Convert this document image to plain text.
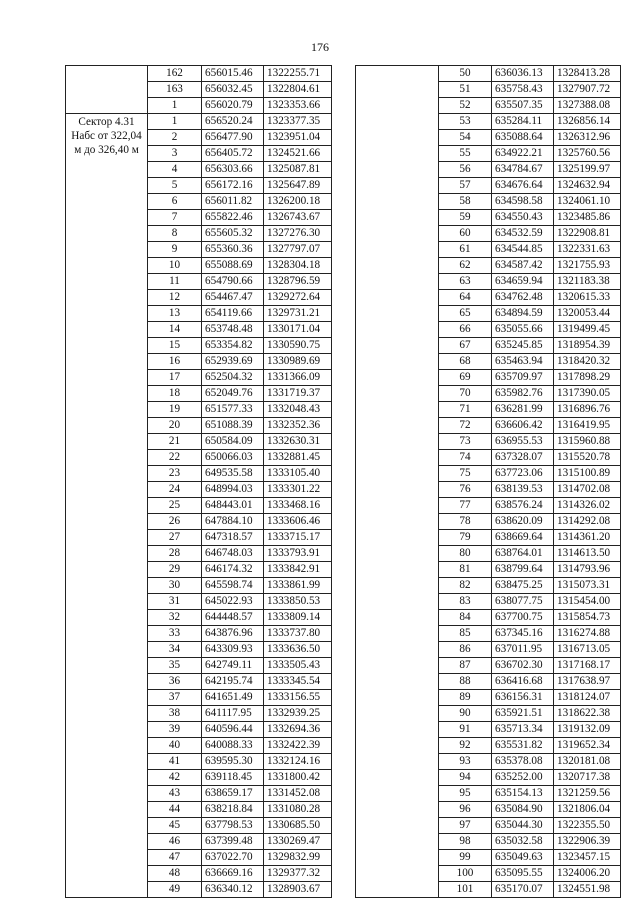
176
	162	656015.46	1322255.71
	163	656032.45	1322804.61
	1	656020.79	1323353.66
Сектор 4.31 Набс от 322,04 м до 326,40 м	1	656520.24	1323377.35
	2	656477.90	1323951.04
	3	656405.72	1324521.66
	4	656303.66	1325087.81
	5	656172.16	1325647.89
	6	656011.82	1326200.18
	7	655822.46	1326743.67
	8	655605.32	1327276.30
	9	655360.36	1327797.07
	10	655088.69	1328304.18
	11	654790.66	1328796.59
	12	654467.47	1329272.64
	13	654119.66	1329731.21
	14	653748.48	1330171.04
	15	653354.82	1330590.75
	16	652939.69	1330989.69
	17	652504.32	1331366.09
	18	652049.76	1331719.37
	19	651577.33	1332048.43
	20	651088.39	1332352.36
	21	650584.09	1332630.31
	22	650066.03	1332881.45
	23	649535.58	1333105.40
	24	648994.03	1333301.22
	25	648443.01	1333468.16
	26	647884.10	1333606.46
	27	647318.57	1333715.17
	28	646748.03	1333793.91
	29	646174.32	1333842.91
	30	645598.74	1333861.99
	31	645022.93	1333850.53
	32	644448.57	1333809.14
	33	643876.96	1333737.80
	34	643309.93	1333636.50
	35	642749.11	1333505.43
	36	642195.74	1333345.54
	37	641651.49	1333156.55
	38	641117.95	1332939.25
	39	640596.44	1332694.36
	40	640088.33	1332422.39
	41	639595.30	1332124.16
	42	639118.45	1331800.42
	43	638659.17	1331452.08
	44	638218.84	1331080.28
	45	637798.53	1330685.50
	46	637399.48	1330269.47
	47	637022.70	1329832.99
	48	636669.16	1329377.32
	49	636340.12	1328903.67
	50	636036.13	1328413.28
	51	635758.43	1327907.72
	52	635507.35	1327388.08
	53	635284.11	1326856.14
	54	635088.64	1326312.96
	55	634922.21	1325760.56
	56	634784.67	1325199.97
	57	634676.64	1324632.94
	58	634598.58	1324061.10
	59	634550.43	1323485.86
	60	634532.59	1322908.81
	61	634544.85	1322331.63
	62	634587.42	1321755.93
	63	634659.94	1321183.38
	64	634762.48	1320615.33
	65	634894.59	1320053.44
	66	635055.66	1319499.45
	67	635245.85	1318954.39
	68	635463.94	1318420.32
	69	635709.97	1317898.29
	70	635982.76	1317390.05
	71	636281.99	1316896.76
	72	636606.42	1316419.95
	73	636955.53	1315960.88
	74	637328.07	1315520.78
	75	637723.06	1315100.89
	76	638139.53	1314702.08
	77	638576.24	1314326.02
	78	638620.09	1314292.08
	79	638669.64	1314361.20
	80	638764.01	1314613.50
	81	638799.64	1314793.96
	82	638475.25	1315073.31
	83	638077.75	1315454.00
	84	637700.75	1315854.73
	85	637345.16	1316274.88
	86	637011.95	1316713.05
	87	636702.30	1317168.17
	88	636416.68	1317638.97
	89	636156.31	1318124.07
	90	635921.51	1318622.38
	91	635713.34	1319132.09
	92	635531.82	1319652.34
	93	635378.08	1320181.08
	94	635252.00	1320717.38
	95	635154.13	1321259.56
	96	635084.90	1321806.04
	97	635044.30	1322355.50
	98	635032.58	1322906.39
	99	635049.63	1323457.15
	100	635095.55	1324006.20
	101	635170.07	1324551.98
